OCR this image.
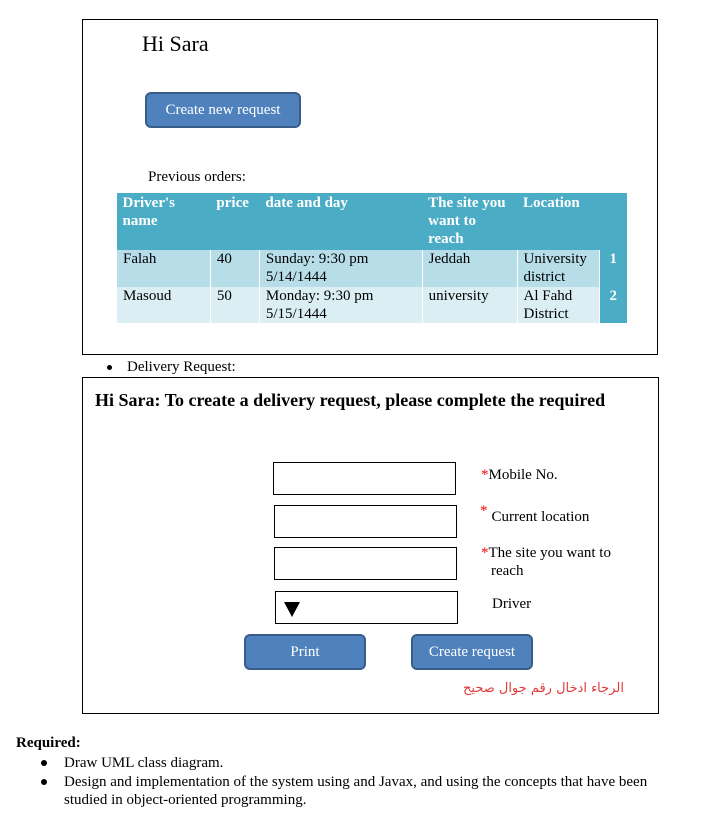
Hi Sara
Create new request
Previous orders:
Driver's name	price	date and day	The site you want to reach	Location	
Falah	40	Sunday: 9:30 pm 5/14/1444	Jeddah	University district	1
Masoud	50	Monday: 9:30 pm 5/15/1444	university	Al Fahd District	2
Delivery Request:
Hi Sara: To create a delivery request, please complete the required
*Mobile No.
* Current location
*The site you want to
reach
Driver
Print	Create request
الرجاء ادخال رقم جوال صحيح
Required:
Draw UML class diagram.
Design and implementation of the system using and Javax, and using the concepts that have been studied in object-oriented programming.
